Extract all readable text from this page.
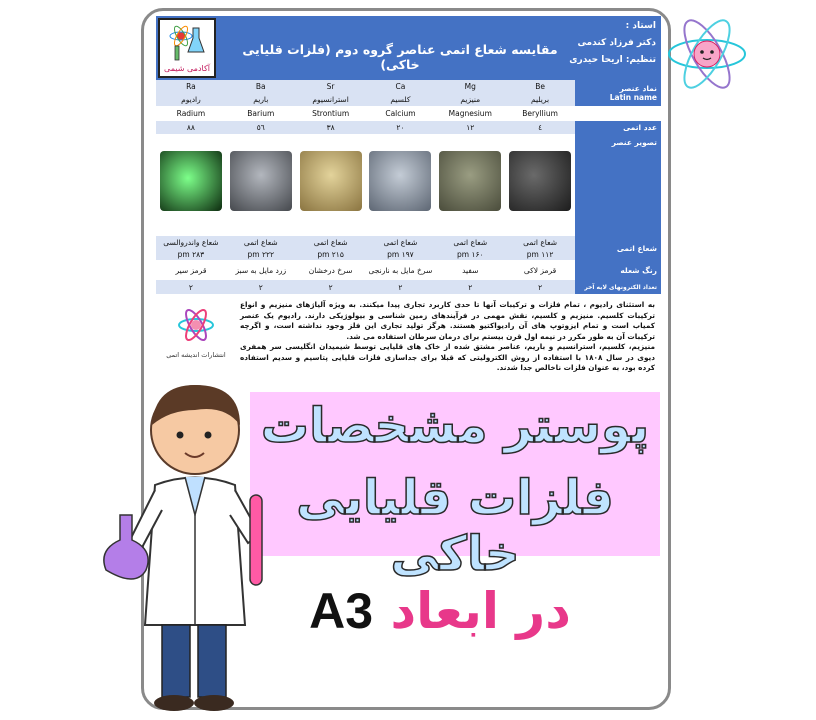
آکادمی شیمی
مقایسه شعاع اتمی عناصر گروه دوم (فلزات قلیایی خاکی)
استاد :
دکتر فرزاد کندمی
تنظیم: اریحا حیدری
نماد عنصر
Latin name	Be	Mg	Ca	Sr	Ba	Ra
	بریلیم	منیزیم	کلسیم	استرانسیوم	باریم	رادیوم
	Beryllium	Magnesium	Calcium	Strontium	Barium	Radium
عدد اتمی	٤	۱۲	۲۰	۳۸	٥٦	۸۸
تصویر عنصر	

شعاع اتمی	شعاع اتمی	شعاع اتمی	شعاع اتمی	شعاع اتمی	شعاع اتمی	شعاع واندروالسی
	۱۱۲ pm	۱۶۰ pm	۱۹۷ pm	۲۱۵ pm	۲۲۲ pm	۲۸۳ pm
رنگ شعله	قرمز لاکی	سفید	سرخ مایل به نارنجی	سرخ درخشان	زرد مایل به سبز	قرمز سیر
تعداد الکترونهای لایه آخر	۲	۲	۲	۲	۲	۲
به استثنای رادیوم ، تمام فلزات و ترکیبات آنها تا حدی کاربرد تجاری پیدا میکنند. به ویژه آلیاژهای منیزیم و انواع ترکیبات کلسیم. منیزیم و کلسیم، نقش مهمی در فرآیندهای زمین شناسی و بیولوژیکی دارند. رادیوم یک عنصر کمیاب است و تمام ایزوتوپ های آن رادیواکتیو هستند. هرگز تولید تجاری این فلز وجود نداشته است، و اگرچه ترکیبات آن به طور مکرر در نیمه اول قرن بیستم برای درمان سرطان استفاده می شد.
منیزیم، کلسیم، استرانسیم و باریم، عناصر مشتق شده از خاک های قلیایی توسط شیمیدان انگلیسی سر همفری دیوی در سال ۱۸۰۸ با استفاده از روش الکترولیتی که قبلا برای جداسازی فلزات قلیایی پتاسیم و سدیم استفاده کرده بود، به عنوان فلزات ناخالص جدا شدند.
انتشارات اندیشه اتمی
پوستر مشخصات
فلزات قلیایی خاکی
در ابعاد A3
